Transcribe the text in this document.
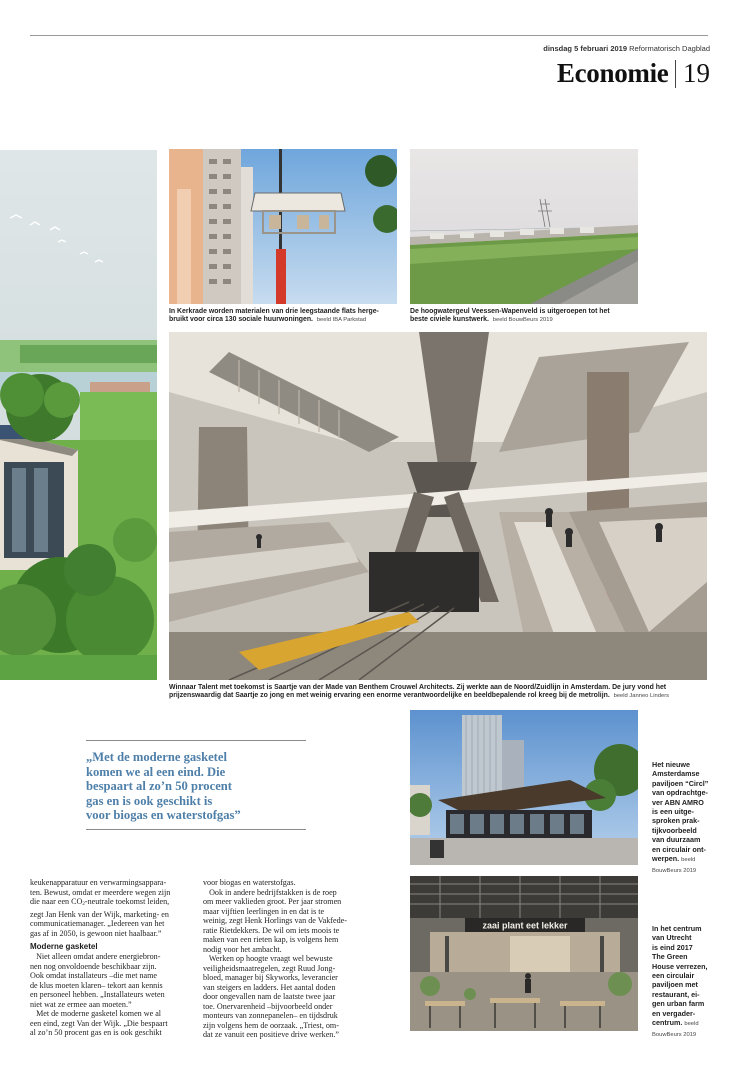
dinsdag 5 februari 2019 Reformatorisch Dagblad
Economie 19
In Kerkrade worden materialen van drie leegstaande flats herge-
bruikt voor circa 130 sociale huurwoningen. beeld IBA Parkstad
De hoogwatergeul Veessen-Wapenveld is uitgeroepen tot het
beste civiele kunstwerk. beeld BouwBeurs 2019
Winnaar Talent met toekomst is Saartje van der Made van Benthem Crouwel Architects. Zij werkte aan de Noord/Zuidlijn in Amsterdam. De jury vond het
prijzenswaardig dat Saartje zo jong en met weinig ervaring een enorme verantwoordelijke en beeldbepalende rol kreeg bij de metrolijn. beeld Janneo Linders
„Met de moderne gasketel
komen we al een eind. Die
bespaart al zo’n 50 procent
gas en is ook geschikt is
voor biogas en waterstofgas”
Het nieuwe
Amsterdamse
paviljoen “Circl”
van opdrachtge-
ver ABN AMRO
is een uitge-
sproken prak-
tijkvoorbeeld
van duurzaam
en circulair ont-
werpen. beeld
BouwBeurs 2019
zaai plant eet lekker	In het centrum
van Utrecht
is eind 2017
The Green
House verrezen,
een circulair
paviljoen met
restaurant, ei-
gen urban farm
en vergader-
centrum. beeld
BouwBeurs 2019

keukenapparatuur en verwarmingsappara-

ten. Bewust, omdat er meerdere wegen zijn

die naar een $CO_2$-neutrale toekomst leiden,

zegt Jan Henk van der Wijk, marketing- en

communicatiemanager. „Iedereen van het

gas af in 2050, is gewoon niet haalbaar.”

Moderne gasketel

Niet alleen omdat andere energiebron-

nen nog onvoldoende beschikbaar zijn.

Ook omdat installateurs –die met name

de klus moeten klaren– tekort aan kennis

en personeel hebben. „Installateurs weten

niet wat ze ermee aan moeten.”

Met de moderne gasketel komen we al

een eind, zegt Van der Wijk. „Die bespaart

al zo’n 50 procent gas en is ook geschikt

voor biogas en waterstofgas.

Ook in andere bedrijfstakken is de roep

om meer vaklieden groot. Per jaar stromen

maar vijftien leerlingen in en dat is te

weinig, zegt Henk Horlings van de Vakfede-

ratie Rietdekkers. De wil om iets moois te

maken van een rieten kap, is volgens hem

nodig voor het ambacht.

Werken op hoogte vraagt wel bewuste

veiligheidsmaatregelen, zegt Ruud Jong-

bloed, manager bij Skyworks, leverancier

van steigers en ladders. Het aantal doden

door ongevallen nam de laatste twee jaar

toe. Onervarenheid –bijvoorbeeld onder

monteurs van zonnepanelen– en tijdsdruk

zijn volgens hem de oorzaak. „Triest, om-

dat ze vanuit een positieve drive werken.”
